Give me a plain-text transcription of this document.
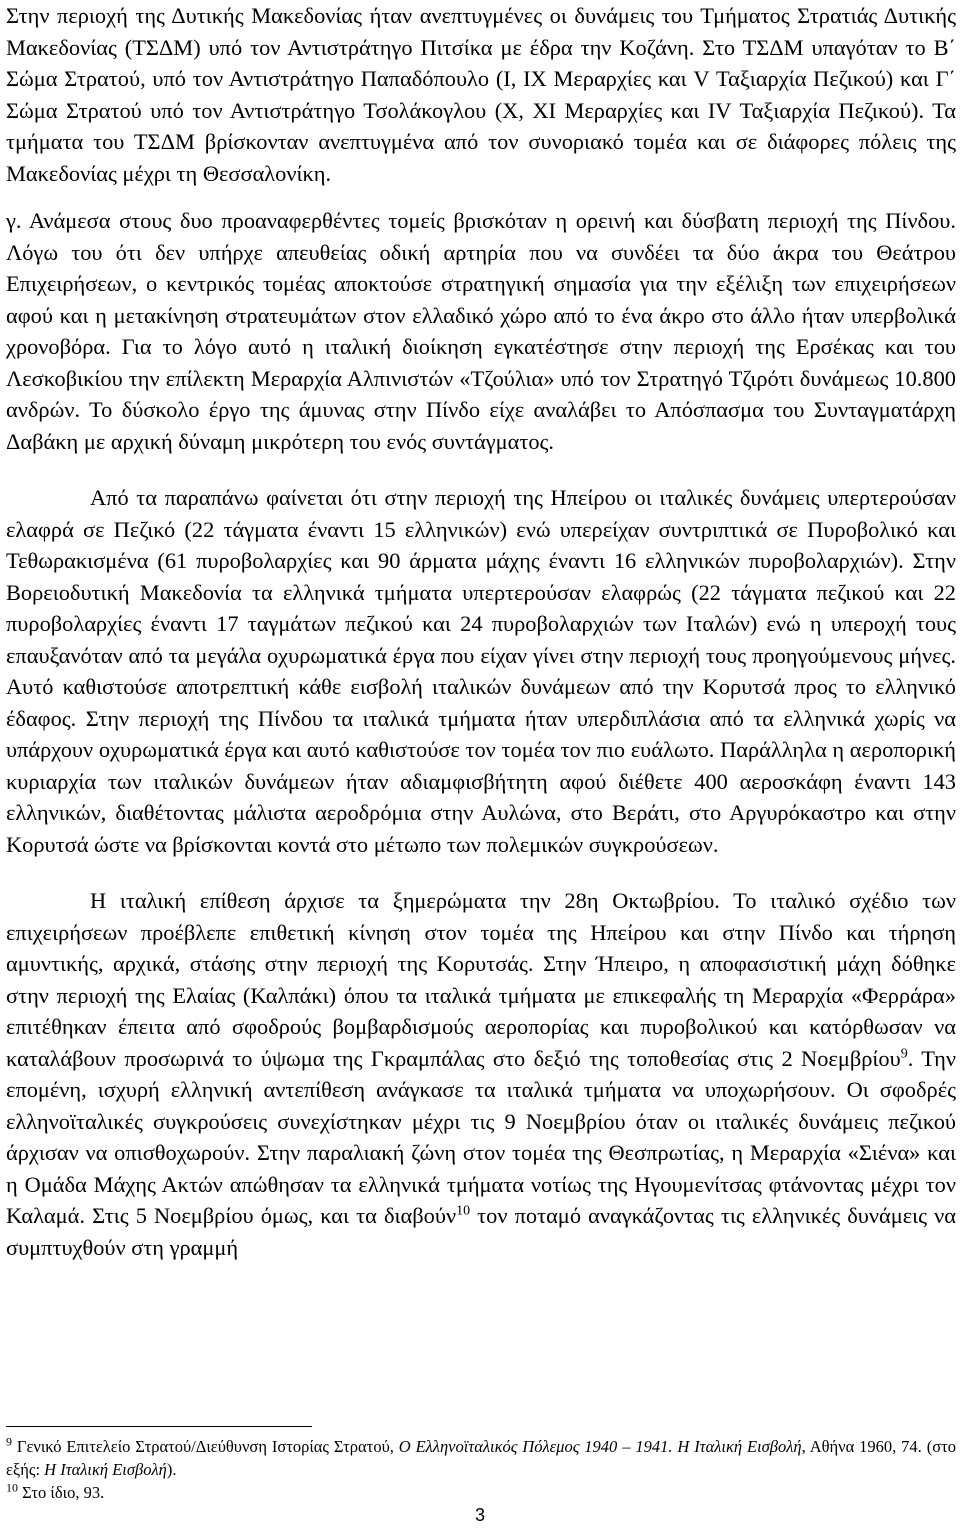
Στην περιοχή της Δυτικής Μακεδονίας ήταν ανεπτυγμένες οι δυνάμεις του Τμήματος Στρατιάς Δυτικής Μακεδονίας (ΤΣΔΜ) υπό τον Αντιστράτηγο Πιτσίκα με έδρα την Κοζάνη. Στο ΤΣΔΜ υπαγόταν το Β΄ Σώμα Στρατού, υπό τον Αντιστράτηγο Παπαδόπουλο (Ι, ΙΧ Μεραρχίες και V Ταξιαρχία Πεζικού) και Γ΄ Σώμα Στρατού υπό τον Αντιστράτηγο Τσολάκογλου (Χ, ΧΙ Μεραρχίες και IV Ταξιαρχία Πεζικού). Τα τμήματα του ΤΣΔΜ βρίσκονταν ανεπτυγμένα από τον συνοριακό τομέα και σε διάφορες πόλεις της Μακεδονίας μέχρι τη Θεσσαλονίκη.

γ. Ανάμεσα στους δυο προαναφερθέντες τομείς βρισκόταν η ορεινή και δύσβατη περιοχή της Πίνδου. Λόγω του ότι δεν υπήρχε απευθείας οδική αρτηρία που να συνδέει τα δύο άκρα του Θεάτρου Επιχειρήσεων, ο κεντρικός τομέας αποκτούσε στρατηγική σημασία για την εξέλιξη των επιχειρήσεων αφού και η μετακίνηση στρατευμάτων στον ελλαδικό χώρο από το ένα άκρο στο άλλο ήταν υπερβολικά χρονοβόρα. Για το λόγο αυτό η ιταλική διοίκηση εγκατέστησε στην περιοχή της Ερσέκας και του Λεσκοβικίου την επίλεκτη Μεραρχία Αλπινιστών «Τζούλια» υπό τον Στρατηγό Τζιρότι δυνάμεως 10.800 ανδρών. Το δύσκολο έργο της άμυνας στην Πίνδο είχε αναλάβει το Απόσπασμα του Συνταγματάρχη Δαβάκη με αρχική δύναμη μικρότερη του ενός συντάγματος.

Από τα παραπάνω φαίνεται ότι στην περιοχή της Ηπείρου οι ιταλικές δυνάμεις υπερτερούσαν ελαφρά σε Πεζικό (22 τάγματα έναντι 15 ελληνικών) ενώ υπερείχαν συντριπτικά σε Πυροβολικό και Τεθωρακισμένα (61 πυροβολαρχίες και 90 άρματα μάχης έναντι 16 ελληνικών πυροβολαρχιών). Στην Βορειοδυτική Μακεδονία τα ελληνικά τμήματα υπερτερούσαν ελαφρώς (22 τάγματα πεζικού και 22 πυροβολαρχίες έναντι 17 ταγμάτων πεζικού και 24 πυροβολαρχιών των Ιταλών) ενώ η υπεροχή τους επαυξανόταν από τα μεγάλα οχυρωματικά έργα που είχαν γίνει στην περιοχή τους προηγούμενους μήνες. Αυτό καθιστούσε αποτρεπτική κάθε εισβολή ιταλικών δυνάμεων από την Κορυτσά προς το ελληνικό έδαφος. Στην περιοχή της Πίνδου τα ιταλικά τμήματα ήταν υπερδιπλάσια από τα ελληνικά χωρίς να υπάρχουν οχυρωματικά έργα και αυτό καθιστούσε τον τομέα τον πιο ευάλωτο. Παράλληλα η αεροπορική κυριαρχία των ιταλικών δυνάμεων ήταν αδιαμφισβήτητη αφού διέθετε 400 αεροσκάφη έναντι 143 ελληνικών, διαθέτοντας μάλιστα αεροδρόμια στην Αυλώνα, στο Βεράτι, στο Αργυρόκαστρο και στην Κορυτσά ώστε να βρίσκονται κοντά στο μέτωπο των πολεμικών συγκρούσεων.

Η ιταλική επίθεση άρχισε τα ξημερώματα την 28η Οκτωβρίου. Το ιταλικό σχέδιο των επιχειρήσεων προέβλεπε επιθετική κίνηση στον τομέα της Ηπείρου και στην Πίνδο και τήρηση αμυντικής, αρχικά, στάσης στην περιοχή της Κορυτσάς. Στην Ήπειρο, η αποφασιστική μάχη δόθηκε στην περιοχή της Ελαίας (Καλπάκι) όπου τα ιταλικά τμήματα με επικεφαλής τη Μεραρχία «Φερράρα» επιτέθηκαν έπειτα από σφοδρούς βομβαρδισμούς αεροπορίας και πυροβολικού και κατόρθωσαν να καταλάβουν προσωρινά το ύψωμα της Γκραμπάλας στο δεξιό της τοποθεσίας στις 2 Νοεμβρίου$^9$. Την επομένη, ισχυρή ελληνική αντεπίθεση ανάγκασε τα ιταλικά τμήματα να υποχωρήσουν. Οι σφοδρές ελληνοϊταλικές συγκρούσεις συνεχίστηκαν μέχρι τις 9 Νοεμβρίου όταν οι ιταλικές δυνάμεις πεζικού άρχισαν να οπισθοχωρούν. Στην παραλιακή ζώνη στον τομέα της Θεσπρωτίας, η Μεραρχία «Σιένα» και η Ομάδα Μάχης Ακτών απώθησαν τα ελληνικά τμήματα νοτίως της Ηγουμενίτσας φτάνοντας μέχρι τον Καλαμά. Στις 5 Νοεμβρίου όμως, και τα διαβούν$^{10}$ τον ποταμό αναγκάζοντας τις ελληνικές δυνάμεις να συμπτυχθούν στη γραμμή

$^9$ Γενικό Επιτελείο Στρατού/Διεύθυνση Ιστορίας Στρατού, Ο Ελληνοϊταλικός Πόλεμος 1940 – 1941. Η Ιταλική Εισβολή, Αθήνα 1960, 74. (στο εξής: Η Ιταλική Εισβολή).

$^{10}$ Στο ίδιο, 93.

3
